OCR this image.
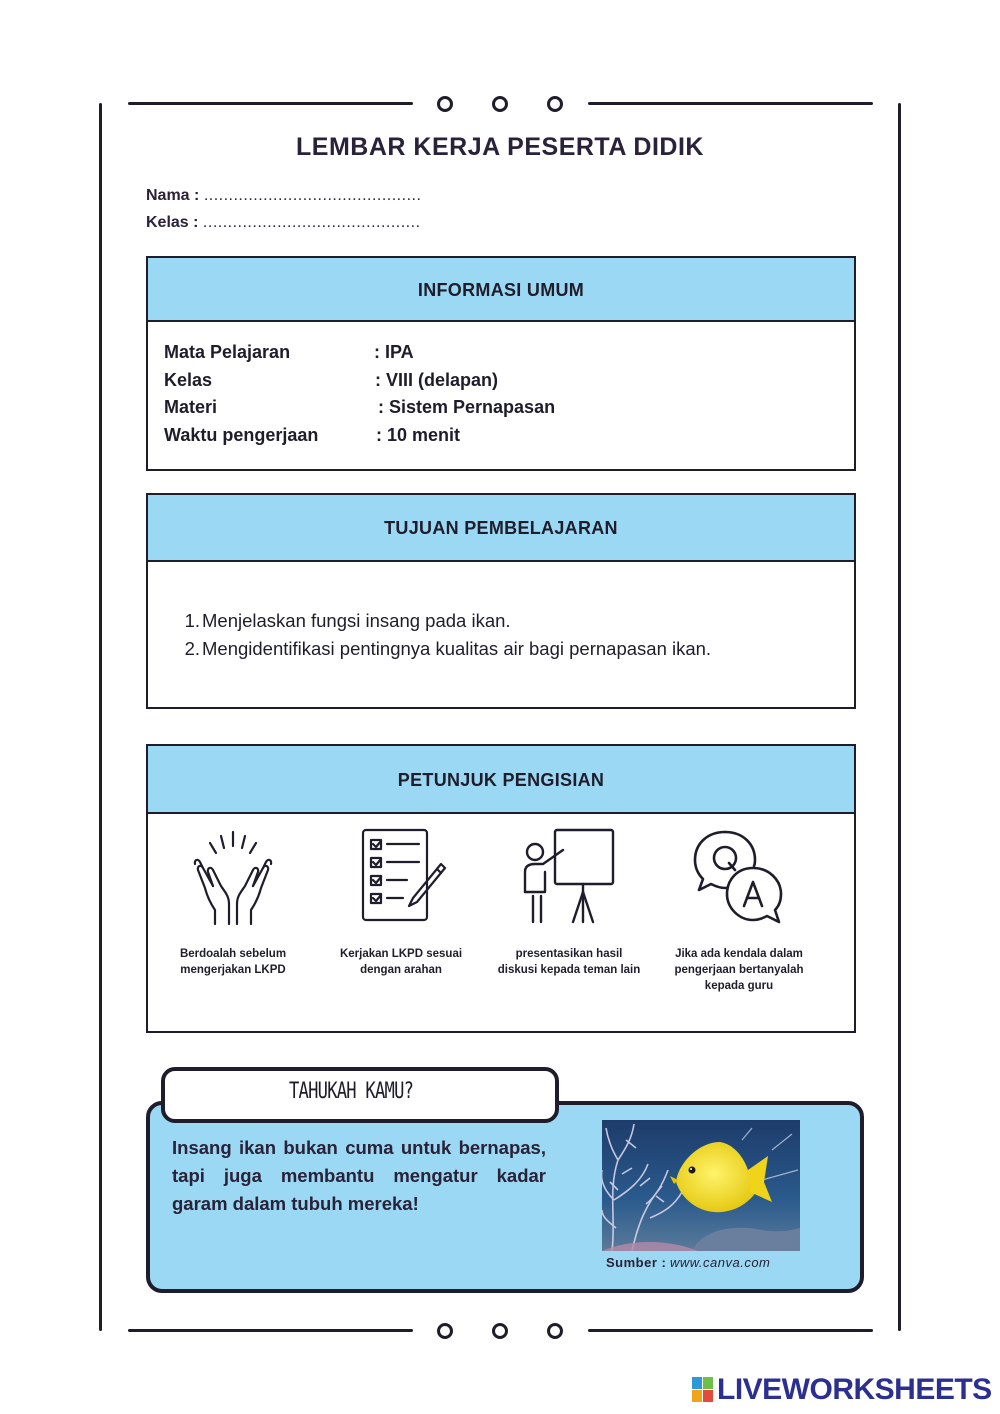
LEMBAR KERJA PESERTA DIDIK
Nama : ............................................
Kelas : ............................................
INFORMASI UMUM
Mata Pelajaran	: IPA
Kelas	: VIII (delapan)
Materi	: Sistem Pernapasan
Waktu pengerjaan	: 10 menit
TUJUAN PEMBELAJARAN
1. Menjelaskan fungsi insang pada ikan.
2. Mengidentifikasi pentingnya kualitas air bagi pernapasan ikan.
PETUNJUK PENGISIAN
Berdoalah sebelum
mengerjakan LKPD
Kerjakan LKPD sesuai
dengan arahan
presentasikan hasil
diskusi kepada teman lain
Jika ada kendala dalam
pengerjaan bertanyalah
kepada guru
TAHUKAH KAMU?
Insang ikan bukan cuma untuk bernapas, tapi juga membantu mengatur kadar garam dalam tubuh mereka!
Sumber : www.canva.com
LIVEWORKSHEETS
